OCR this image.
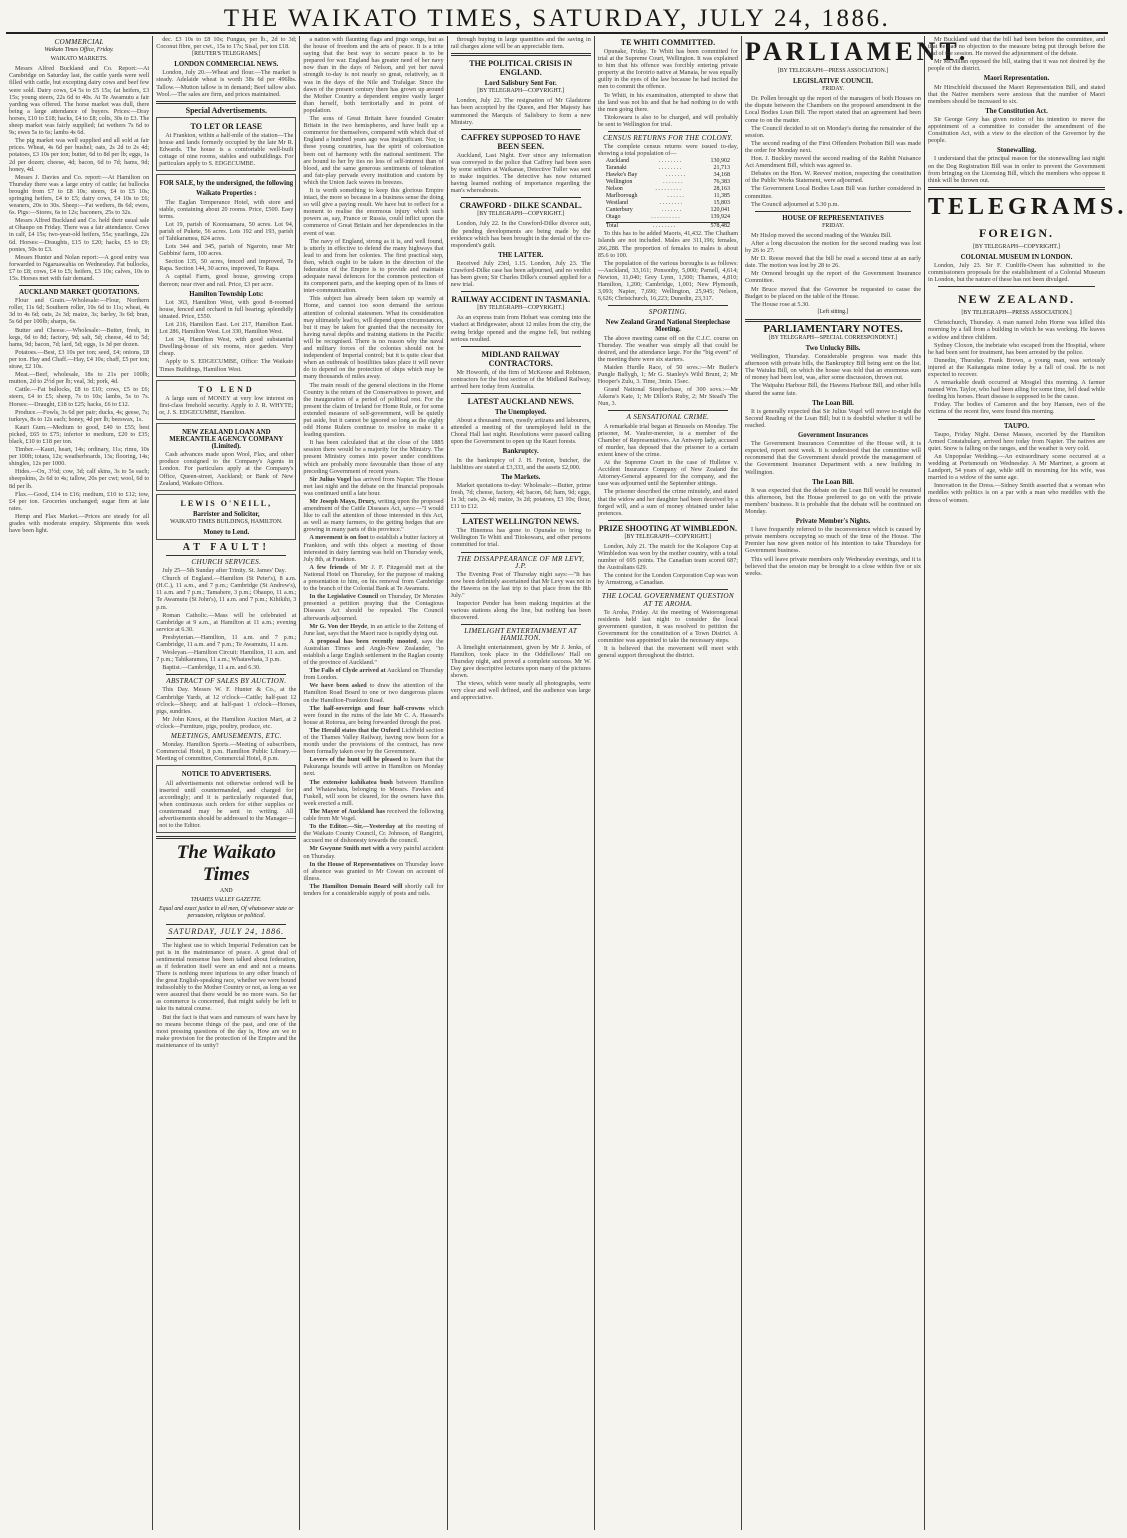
THE WAIKATO TIMES, SATURDAY, JULY 24, 1886.
COMMERCIAL
Waikato Times Office, Friday.
WAIKATO MARKETS.

Messrs Alfred Buckland and Co. Report:—At Cambridge on Saturday last, the cattle yards were well filled with cattle, but excepting dairy cows and beef few were sold. Dairy cows, £4 5s to £5 15s; fat heifers, £3 15s; young steers, 22s 6d to 40s. At Te Awamutu a fair yarding was offered. The horse market was dull, there being a large attendance of buyers. Prices:—Dray horses, £10 to £18; hacks, £4 to £8; colts, 30s to £3. The sheep market was fairly supplied; fat wethers 7s 6d to 9s; ewes 5s to 6s; lambs 4s 6d.

The pig market was well supplied and all sold at fair prices. Wheat, 4s 6d per bushel; oats, 2s 2d to 2s 4d; potatoes, £3 10s per ton; butter, 6d to 8d per lb; eggs, 1s 2d per dozen; cheese, 4d; bacon, 6d to 7d; hams, 9d; honey, 4d.

Messrs J. Davies and Co. report:—At Hamilton on Thursday there was a large entry of cattle; fat bullocks brought from £7 to £8 10s; steers, £4 to £5 10s; springing heifers, £4 to £5; dairy cows, £4 10s to £6; weaners, 20s to 30s. Sheep:—Fat wethers, 8s 6d; ewes, 6s. Pigs:—Stores, 6s to 12s; baconers, 25s to 32s.

Messrs Alfred Buckland and Co. held their usual sale at Ohaupo on Friday. There was a fair attendance. Cows in calf, £4 15s; two-year-old heifers, 55s; yearlings, 22s 6d. Horses:—Draughts, £15 to £20; hacks, £5 to £9; ponies, 50s to £3.

Messrs Hunter and Nolan report:—A good entry was forwarded to Ngaruawahia on Wednesday. Fat bullocks, £7 to £8; cows, £4 to £5; heifers, £3 10s; calves, 10s to 15s. Horses met with fair demand.

AUCKLAND MARKET QUOTATIONS.

Flour and Grain.—Wholesale:—Flour, Northern roller, 11s 6d; Southern roller, 10s 6d to 11s; wheat, 4s 3d to 4s 6d; oats, 2s 3d; maize, 3s; barley, 3s 6d; bran, 5s 6d per 100lb; sharps, 6s.

Butter and Cheese.—Wholesale:—Butter, fresh, in kegs, 6d to 8d; factory, 9d; salt, 5d; cheese, 4d to 5d; hams, 9d; bacon, 7d; lard, 5d; eggs, 1s 3d per dozen.

Potatoes.—Best, £3 10s per ton; seed, £4; onions, £8 per ton. Hay and Chaff.—Hay, £4 10s; chaff, £5 per ton; straw, £2 10s.

Meat.—Beef, wholesale, 18s to 21s per 100lb; mutton, 2d to 2½d per lb; veal, 3d; pork, 4d.

Cattle.—Fat bullocks, £8 to £10; cows, £5 to £6; steers, £4 to £5; sheep, 7s to 10s; lambs, 5s to 7s. Horses:—Draught, £18 to £25; hacks, £6 to £12.

Produce.—Fowls, 3s 6d per pair; ducks, 4s; geese, 7s; turkeys, 8s to 12s each; honey, 4d per lb; beeswax, 1s.

Kauri Gum.—Medium to good, £40 to £55; best picked, £65 to £75; inferior to medium, £20 to £35; black, £10 to £18 per ton.

Timber.—Kauri, heart, 14s; ordinary, 11s; rimu, 10s per 100ft; totara, 12s; weatherboards, 13s; flooring, 14s; shingles, 12s per 1000.

Hides.—Ox, 3½d; cow, 3d; calf skins, 3s to 5s each; sheepskins, 2s 6d to 4s; tallow, 20s per cwt; wool, 6d to 8d per lb.

Flax.—Good, £14 to £16; medium, £10 to £12; tow, £4 per ton. Groceries unchanged; sugar firm at late rates.

Hemp and Flax Market.—Prices are steady for all grades with moderate enquiry. Shipments this week have been light.

dec. £3 10s to £8 10s; Fungus, per lb., 2d to 3d; Coconut fibre, per cwt., 15s to 17s; Sisal, per ton £18.

[REUTER'S TELEGRAMS.]
LONDON COMMERCIAL NEWS.

London, July 20.—Wheat and flour.—The market is steady. Adelaide wheat is worth 38s 6d per 496lbs. Tallow.—Mutton tallow is in demand; Beef tallow also. Wool.—The sales are firm, and prices maintained.

Special Advertisements.
TO LET OR LEASE

At Frankton, within a half-mile of the station—The house and lands formerly occupied by the late Mr R. Edwards. The house is a comfortable well-built cottage of nine rooms, stables and outbuildings. For particulars apply to S. EDGECUMBE.

FOR SALE, by the undersigned, the following
Waikato Properties :

The Eaglan Temperance Hotel, with store and stable, containing about 20 rooms. Price, £500. Easy terms.

Lot 19, parish of Koonuamara, 50 acres. Lot 94, parish of Pukete, 56 acres. Lots 192 and 193, parish of Tahikaramea, 824 acres.

Lots 344 and 345, parish of Ngaroto, near Mr Gubbins' farm, 100 acres.

Section 135, 50 acres, fenced and improved, Te Rapa. Section 144, 30 acres, improved, Te Rapa.

A capital Farm, good house, growing crops thereon; near river and rail. Price, £3 per acre.

Hamilton Township Lots:

Lot 363, Hamilton West, with good 8-roomed house, fenced and orchard in full bearing; splendidly situated. Price, £550.

Lot 216, Hamilton East. Lot 217, Hamilton East. Lot 286, Hamilton West. Lot 330, Hamilton West.

Lot 34, Hamilton West, with good substantial Dwelling-house of six rooms, nice garden. Very cheap.

Apply to S. EDGECUMBE, Office: The Waikato Times Buildings, Hamilton West.

TO LEND

A large sum of MONEY at very low interest on first-class freehold security. Apply to J. R. WHYTE; or, J. S. EDGECUMBE, Hamilton.

NEW ZEALAND LOAN AND MERCANTILE AGENCY COMPANY (Limited).

Cash advances made upon Wool, Flax, and other produce consigned to the Company's Agents in London. For particulars apply at the Company's Office, Queen-street, Auckland; or Bank of New Zealand, Waikato Offices.

LEWIS O'NEILL,
Barrister and Solicitor,
WAIKATO TIMES BUILDINGS, HAMILTON.
Money to Lend.
AT FAULT!
CHURCH SERVICES.

July 25—5th Sunday after Trinity. St. James' Day.

Church of England.—Hamilton (St Peter's), 8 a.m. (H.C.), 11 a.m., and 7 p.m.; Cambridge (St Andrew's), 11 a.m. and 7 p.m.; Tamahere, 3 p.m.; Ohaupo, 11 a.m.; Te Awamutu (St John's), 11 a.m. and 7 p.m.; Kihikihi, 3 p.m.

Roman Catholic.—Mass will be celebrated at Cambridge at 9 a.m., at Hamilton at 11 a.m.; evening service at 6.30.

Presbyterian.—Hamilton, 11 a.m. and 7 p.m.; Cambridge, 11 a.m. and 7 p.m.; Te Awamutu, 11 a.m.

Wesleyan.—Hamilton Circuit: Hamilton, 11 a.m. and 7 p.m.; Tahikaramea, 11 a.m.; Whatawhata, 3 p.m.

Baptist.—Cambridge, 11 a.m. and 6.30.

ABSTRACT OF SALES BY AUCTION.

This Day. Messrs W. F. Hunter & Co., at the Cambridge Yards, at 12 o'clock—Cattle; half-past 12 o'clock—Sheep; and at half-past 1 o'clock—Horses, pigs, sundries.

Mr John Knox, at the Hamilton Auction Mart, at 2 o'clock—Furniture, pigs, poultry, produce, etc.

MEETINGS, AMUSEMENTS, ETC.

Monday. Hamilton Sports.—Meeting of subscribers, Commercial Hotel, 8 p.m. Hamilton Public Library.—Meeting of committee, Commercial Hotel, 8 p.m.

NOTICE TO ADVERTISERS.

All advertisements not otherwise ordered will be inserted until countermanded, and charged for accordingly; and it is particularly requested that, when continuous such orders for either supplies or countermand may be sent in writing. All advertisements should be addressed to the Manager—not to the Editor.

The Waikato Times
AND
THAMES VALLEY GAZETTE.
Equal and exact justice to all men, Of whatsoever state or persuasion, religious or political.
SATURDAY, JULY 24, 1886.

The highest use to which Imperial Federation can be put is in the maintenance of peace. A great deal of sentimental nonsense has been talked about federation, as if federation itself were an end and not a means. There is nothing more injurious to any other branch of the great English-speaking race, whether we were bound indissolubly to the Mother Country or not, as long as we were assured that there would be no more wars. So far as commerce is concerned, that might safely be left to take its natural course.

But the fact is that wars and rumours of wars have by no means become things of the past, and one of the most pressing questions of the day is, How are we to make provision for the protection of the Empire and the maintenance of its unity?

a nation with flaunting flags and jingo songs, but as the house of freedom and the arts of peace. It is a trite saying that the best way to secure peace is to be prepared for war. England has greater need of her navy now than in the days of Nelson, and yet her naval strength to-day is not nearly so great, relatively, as it was in the days of the Nile and Trafalgar. Since the dawn of the present century there has grown up around the Mother Country a dependent empire vastly larger than herself, both territorially and in point of population.

The sons of Great Britain have founded Greater Britain in the two hemispheres, and have built up a commerce for themselves, compared with which that of England a hundred years ago was insignificant. Nor, in these young countries, has the spirit of colonisation been out of harmony with the national sentiment. The are bound to her by ties no less of self-interest than of blood, and the same generous sentiments of toleration and fair-play pervade every institution and custom by which the Union Jack waves its breezes.

It is worth something to keep this glorious Empire intact, the more so because in a business sense the doing so will give a paying result. We have but to reflect for a moment to realise the enormous injury which such powers as, say, France or Russia, could inflict upon the commerce of Great Britain and her dependencies in the event of war.

The navy of England, strong as it is, and well found, is utterly in effective to defend the many highways that lead to and from her colonies. The first practical step, then, which ought to be taken in the direction of the federation of the Empire is to provide and maintain adequate naval defences for the common protection of its component parts, and the keeping open of its lines of inter-communication.

This subject has already been taken up warmly at Home, and cannot too soon demand the serious attention of colonial statesmen. What its consideration may ultimately lead to, will depend upon circumstances, but it may be taken for granted that the necessity for having naval depôts and training stations in the Pacific will be recognised. There is no reason why the naval and military forces of the colonies should not be independent of Imperial control; but it is quite clear that when an outbreak of hostilities takes place it will never do to depend on the protection of ships which may be many thousands of miles away.

The main result of the general elections in the Home Country is the return of the Conservatives to power, and the inauguration of a period of political rest. For the present the claim of Ireland for Home Rule, or for some extended measure of self-government, will be quietly put aside, but it cannot be ignored so long as the eighty odd Home Rulers continue to resolve to make it a leading question.

It has been calculated that at the close of the 1885 session there would be a majority for the Ministry. The present Ministry comes into power under conditions which are probably more favourable than those of any preceding Government of recent years.

Sir Julius Vogel has arrived from Napier. The House met last night and the debate on the financial proposals was continued until a late hour.

Mr Joseph Mayo, Drury, writing upon the proposed amendment of the Cattle Diseases Act, says:—"I would like to call the attention of those interested in this Act, as well as many farmers, to the getting hedges that are growing in many parts of this province."

A movement is on foot to establish a butter factory at Frankton, and with this object a meeting of those interested in dairy farming was held on Thursday week, July 8th, at Frankton.

A few friends of Mr J. F. Fitzgerald met at the National Hotel on Thursday, for the purpose of making a presentation to him, on his removal from Cambridge to the branch of the Colonial Bank at Te Awamutu.

In the Legislative Council on Thursday, Dr Menzies presented a petition praying that the Contagious Diseases Act should be repealed. The Council afterwards adjourned.

Mr G. Von der Heyde, in an article to the Zeitung of June last, says that the Maori race is rapidly dying out.

A proposal has been recently mooted, says the Australian Times and Anglo-New Zealander, "to establish a large English settlement in the Raglan county of the province of Auckland."

The Falls of Clyde arrived at Auckland on Thursday from London.

We have been asked to draw the attention of the Hamilton Road Board to one or two dangerous places on the Hamilton-Frankton Road.

The half-sovereign and four half-crowns which were found in the ruins of the late Mr C. A. Hassard's house at Rotorua, are being forwarded through the post.

The Herald states that the Oxford Lichfield section of the Thames Valley Railway, having now been for a month under the provisions of the contract, has now been formally taken over by the Government.

Lovers of the hunt will be pleased to learn that the Pakuranga hounds will arrive in Hamilton on Monday next.

The extensive kahikatea bush between Hamilton and Whatawhata, belonging to Messrs. Fawkes and Fuskell, will soon be cleared, for the owners have this week erected a mill.

The Mayor of Auckland has received the following cable from Mr Vogel.

To the Editor.—Sir,—Yesterday at the meeting of the Waikato County Council, Cr. Johnson, of Rangiriri, accused me of dishonesty towards the council.

Mr Gwynne Smith met with a very painful accident on Thursday.

In the House of Representatives on Thursday leave of absence was granted to Mr Cowan on account of illness.

The Hamilton Domain Board will shortly call for tenders for a considerable supply of posts and rails.

through buying in large quantities and the saving in rail charges alone will be an appreciable item.

THE POLITICAL CRISIS IN ENGLAND.
Lord Salisbury Sent For.
[BY TELEGRAPH—COPYRIGHT.]

London, July 22. The resignation of Mr Gladstone has been accepted by the Queen, and Her Majesty has summoned the Marquis of Salisbury to form a new Ministry.

CAFFREY SUPPOSED TO HAVE BEEN SEEN.

Auckland, Last Night. Ever since any information was conveyed to the police that Caffrey had been seen by some settlers at Waikanae, Detective Tuller was sent to make inquiries. The detective has now returned having learned nothing of importance regarding the man's whereabouts.

CRAWFORD - DILKE SCANDAL.
[BY TELEGRAPH—COPYRIGHT.]

London, July 22. In the Crawford-Dilke divorce suit, the pending developments are being made by the evidence which has been brought in the denial of the co-respondent's guilt.

THE LATTER.

Received July 23rd, 1.15. London, July 23. The Crawford-Dilke case has been adjourned, and no verdict has been given; Sir Charles Dilke's counsel applied for a new trial.

RAILWAY ACCIDENT IN TASMANIA.
[BY TELEGRAPH—COPYRIGHT.]

As an express train from Hobart was coming into the viaduct at Bridgewater, about 12 miles from the city, the swing bridge opened and the engine fell, but nothing serious resulted.

MIDLAND RAILWAY CONTRACTORS.

Mr Howorth, of the firm of McKeone and Robinson, contractors for the first section of the Midland Railway, arrived here today from Australia.

LATEST AUCKLAND NEWS.
The Unemployed.

About a thousand men, mostly artizans and labourers, attended a meeting of the unemployed held in the Choral Hall last night. Resolutions were passed calling upon the Government to open up the Kauri forests.

Bankruptcy.

In the bankruptcy of J. H. Fenton, butcher, the liabilities are stated at £3,333, and the assets £2,000.

The Markets.

Market quotations to-day: Wholesale:—Butter, prime fresh, 7d; cheese, factory, 4d; bacon, 6d; ham, 9d; eggs, 1s 3d; oats, 2s 4d; maize, 3s 2d; potatoes, £3 10s; flour, £11 to £12.

LATEST WELLINGTON NEWS.

The Hinemoa has gone to Opunake to bring to Wellington Te Whiti and Titokowaru, and other persons committed for trial.

THE DISSAPPEARANCE OF MR LEVY, J.P.

The Evening Post of Thursday night says:—"It has now been definitely ascertained that Mr Levy was not in the Hawera on the last trip to that place from the 8th July."

Inspector Pender has been making inquiries at the various stations along the line, but nothing has been discovered.

LIMELIGHT ENTERTAINMENT AT HAMILTON.

A limelight entertainment, given by Mr J. Jenks, of Hamilton, took place in the Oddfellows' Hall on Thursday night, and proved a complete success. Mr W. Day gave descriptive lectures upon many of the pictures shown.

The views, which were nearly all photographs, were very clear and well defined, and the audience was large and appreciative.

TE WHITI COMMITTED.

Opunake, Friday. Te Whiti has been committed for trial at the Supreme Court, Wellington. It was explained to him that his offence was forcibly entering private property at the Ioroirio native at Manaia, he was equally guilty in the eyes of the law because he had incited the men to commit the offence.

Te Whiti, in his examination, attempted to show that the land was not his and that he had nothing to do with the men going there.

Titokowaru is also to be charged, and will probably be sent to Wellington for trial.

CENSUS RETURNS FOR THE COLONY.

The complete census returns were issued to-day, showing a total population of—

Auckland	. . . . . . . .	130,902
Taranaki	. . . . . . . .	21,713
Hawke's Bay	. . . . . . .	34,168
Wellington	. . . . . . .	76,383
Nelson	. . . . . . . . .	28,163
Marlborough	. . . . . .	11,385
Westland	. . . . . . . .	15,803
Canterbury	. . . . . . .	120,041
Otago	. . . . . . . . . .	139,924
Total	. . . . . . . .	578,482

To this has to be added Maoris, 41,432. The Chatham Islands are not included. Males are 311,196; females, 266,288. The proportion of females to males is about 85.6 to 100.

The population of the various boroughs is as follows:—Auckland, 33,161; Ponsonby, 5,000; Parnell, 4,614; Newton, 11,040; Grey Lynn, 1,500; Thames, 4,810; Hamilton, 1,200; Cambridge, 1,001; New Plymouth, 3,093; Napier, 7,690; Wellington, 25,945; Nelson, 6,626; Christchurch, 16,223; Dunedin, 23,317.

SPORTING.
New Zealand Grand National Steeplechase Meeting.

The above meeting came off on the C.J.C. course on Thursday. The weather was simply all that could be desired, and the attendance large. For the "big event" of the meeting there were six starters.

Maiden Hurdle Race, of 50 sovs.:—Mr Butler's Pungle Ballygh, 1; Mr G. Stanley's Wild Brunt, 2; Mr Hooper's Zulu, 3. Time, 3min. 15sec.

Grand National Steeplechase, of 300 sovs.:—Mr Aikens's Kate, 1; Mr Dillon's Ruby, 2; Mr Stead's The Nun, 3.

A SENSATIONAL CRIME.

A remarkable trial began at Brussels on Monday. The prisoner, M. Vaufer-mereier, is a member of the Chamber of Representatives. An Antwerp lady, accused of murder, has deposed that the prisoner to a certain extent knew of the crime.

At the Supreme Court in the case of Hulletee v. Accident Insurance Company of New Zealand the Attorney-General appeared for the company, and the case was adjourned until the September sittings.

The prisoner described the crime minutely, and stated that the widow and her daughter had been deceived by a forged will, and a sum of money obtained under false pretences.

PRIZE SHOOTING AT WIMBLEDON.
[BY TELEGRAPH—COPYRIGHT.]

London, July 21. The match for the Kolapore Cup at Wimbledon was won by the mother country, with a total number of 695 points. The Canadian team scored 687; the Australians 629.

The contest for the London Corporation Cup was won by Armstrong, a Canadian.

THE LOCAL GOVERNMENT QUESTION AT TE AROHA.

Te Aroha, Friday. At the meeting of Waiorongomai residents held last night to consider the local government question, it was resolved to petition the Government for the constitution of a Town District. A committee was appointed to take the necessary steps.

It is believed that the movement will meet with general support throughout the district.

PARLIAMENT.
[BY TELEGRAPH—PRESS ASSOCIATION.]
LEGISLATIVE COUNCIL
FRIDAY.

Dr. Pollen brought up the report of the managers of both Houses on the dispute between the Chambers on the proposed amendment in the Local Bodies Loan Bill. The report stated that an agreement had been come to on the matter.

The Council decided to sit on Monday's during the remainder of the session.

The second reading of the First Offenders Probation Bill was made the order for Monday next.

Hon. J. Buckley moved the second reading of the Rabbit Nuisance Act Amendment Bill, which was agreed to.

Debates on the Hon. W. Reeves' motion, respecting the constitution of the Public Works Statement, were adjourned.

The Government Local Bodies Loan Bill was further considered in committee.

The Council adjourned at 5.30 p.m.

HOUSE OF REPRESENTATIVES
FRIDAY.

Mr Hislop moved the second reading of the Waiuku Bill.

After a long discussion the motion for the second reading was lost by 26 to 27.

Mr D. Reese moved that the bill be read a second time at an early date. The motion was lost by 28 to 26.

Mr Ormond brought up the report of the Government Insurance Committee.

Mr Bruce moved that the Governor be requested to cause the Budget to be placed on the table of the House.

The House rose at 5.30.

[Left sitting.]
PARLIAMENTARY NOTES.
[BY TELEGRAPH—SPECIAL CORRESPONDENT.]
Two Unlucky Bills.

Wellington, Thursday. Considerable progress was made this afternoon with private bills, the Bankruptcy Bill being sent on the list. The Waiuku Bill, on which the house was told that an enormous sum of money had been lost, was, after some discussion, thrown out.

The Waipahu Harbour Bill, the Hawera Harbour Bill, and other bills shared the same fate.

The Loan Bill.

It is generally expected that Sir Julius Vogel will move to-night the Second Reading of the Loan Bill; but it is doubtful whether it will be reached.

Government Insurances

The Government Insurances Committee of the House will, it is expected, report next week. It is understood that the committee will recommend that the Government should provide the management of the Government Insurance Department with a new building in Wellington.

The Loan Bill.

It was expected that the debate on the Loan Bill would be resumed this afternoon, but the House preferred to go on with the private members' business. It is probable that the debate will be continued on Monday.

Private Member's Nights.

I have frequently referred to the inconvenience which is caused by private members occupying so much of the time of the House. The Premier has now given notice of his intention to take Thursdays for Government business.

This will leave private members only Wednesday evenings, and it is believed that the session may be brought to a close within five or six weeks.

Mr Buckland said that the bill had been before the committee, and that he had no objection to the measure being put through before the end of the session. He moved the adjournment of the debate.

Mr McMillan opposed the bill, stating that it was not desired by the people of the district.

Maori Representation.

Mr Hirschfeld discussed the Maori Representation Bill, and stated that the Native members were anxious that the number of Maori members should be increased to six.

The Constitution Act.

Sir George Grey has given notice of his intention to move the appointment of a committee to consider the amendment of the Constitution Act, with a view to the election of the Governor by the people.

Stonewalling.

I understand that the principal reason for the stonewalling last night on the Dog Registration Bill was in order to prevent the Government from bringing on the Licensing Bill, which the members who oppose it think will be thrown out.

TELEGRAMS.
FOREIGN.
[BY TELEGRAPH—COPYRIGHT.]
COLONIAL MUSEUM IN LONDON.

London, July 23. Sir F. Cunliffe-Owen has submitted to the commissioners proposals for the establishment of a Colonial Museum in London, but the nature of these has not been divulged.

NEW ZEALAND.
[BY TELEGRAPH—PRESS ASSOCIATION.]

Christchurch, Thursday. A man named John Horne was killed this morning by a fall from a building in which he was working. He leaves a widow and three children.

Sydney Cloxon, the inebriate who escaped from the Hospital, where he had been sent for treatment, has been arrested by the police.

Dunedin, Thursday. Frank Brown, a young man, was seriously injured at the Kaitangata mine today by a fall of coal. He is not expected to recover.

A remarkable death occurred at Mosgiel this morning. A farmer named Wm. Taylor, who had been ailing for some time, fell dead while feeding his horses. Heart disease is supposed to be the cause.

Friday. The bodies of Cameron and the boy Hansen, two of the victims of the recent fire, were found this morning.

TAUPO.

Taupo, Friday Night. Dense Masses, escorted by the Hamilton Armed Constabulary, arrived here today from Napier. The natives are quiet. Snow is falling on the ranges, and the weather is very cold.

An Unpopular Wedding.—An extraordinary scene occurred at a wedding at Portsmouth on Wednesday. A Mr Marriner, a groom at Landport, 54 years of age, while still in mourning for his wife, was married to a widow of the same age.

Innovation in the Dress.—Sidney Smith asserted that a woman who meddles with politics is on a par with a man who meddles with the dress of women.
